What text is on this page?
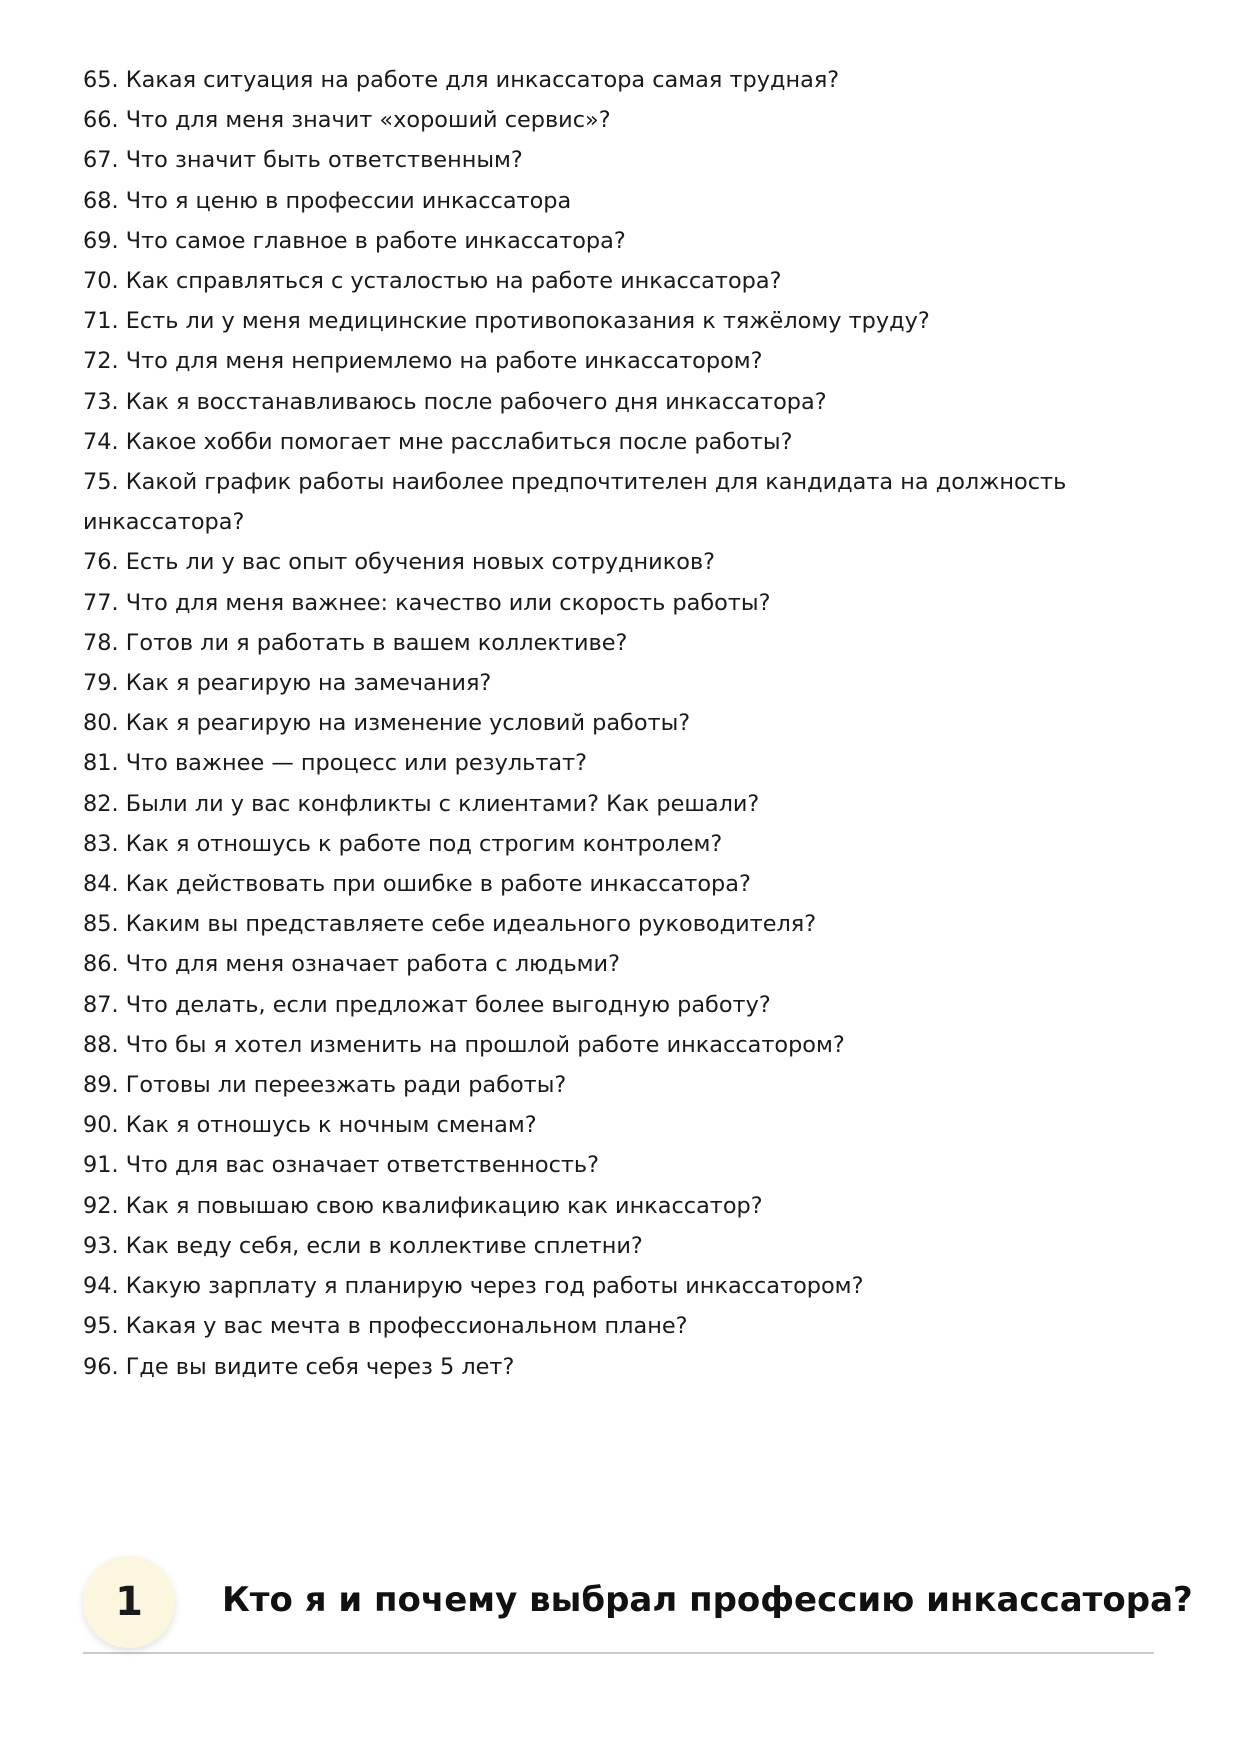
65. Какая ситуация на работе для инкассатора самая трудная?
66. Что для меня значит «хороший сервис»?
67. Что значит быть ответственным?
68. Что я ценю в профессии инкассатора
69. Что самое главное в работе инкассатора?
70. Как справляться с усталостью на работе инкассатора?
71. Есть ли у меня медицинские противопоказания к тяжёлому труду?
72. Что для меня неприемлемо на работе инкассатором?
73. Как я восстанавливаюсь после рабочего дня инкассатора?
74. Какое хобби помогает мне расслабиться после работы?
75. Какой график работы наиболее предпочтителен для кандидата на должность инкассатора?
76. Есть ли у вас опыт обучения новых сотрудников?
77. Что для меня важнее: качество или скорость работы?
78. Готов ли я работать в вашем коллективе?
79. Как я реагирую на замечания?
80. Как я реагирую на изменение условий работы?
81. Что важнее — процесс или результат?
82. Были ли у вас конфликты с клиентами? Как решали?
83. Как я отношусь к работе под строгим контролем?
84. Как действовать при ошибке в работе инкассатора?
85. Каким вы представляете себе идеального руководителя?
86. Что для меня означает работа с людьми?
87. Что делать, если предложат более выгодную работу?
88. Что бы я хотел изменить на прошлой работе инкассатором?
89. Готовы ли переезжать ради работы?
90. Как я отношусь к ночным сменам?
91. Что для вас означает ответственность?
92. Как я повышаю свою квалификацию как инкассатор?
93. Как веду себя, если в коллективе сплетни?
94. Какую зарплату я планирую через год работы инкассатором?
95. Какая у вас мечта в профессиональном плане?
96. Где вы видите себя через 5 лет?
1	Кто я и почему выбрал профессию инкассатора?
